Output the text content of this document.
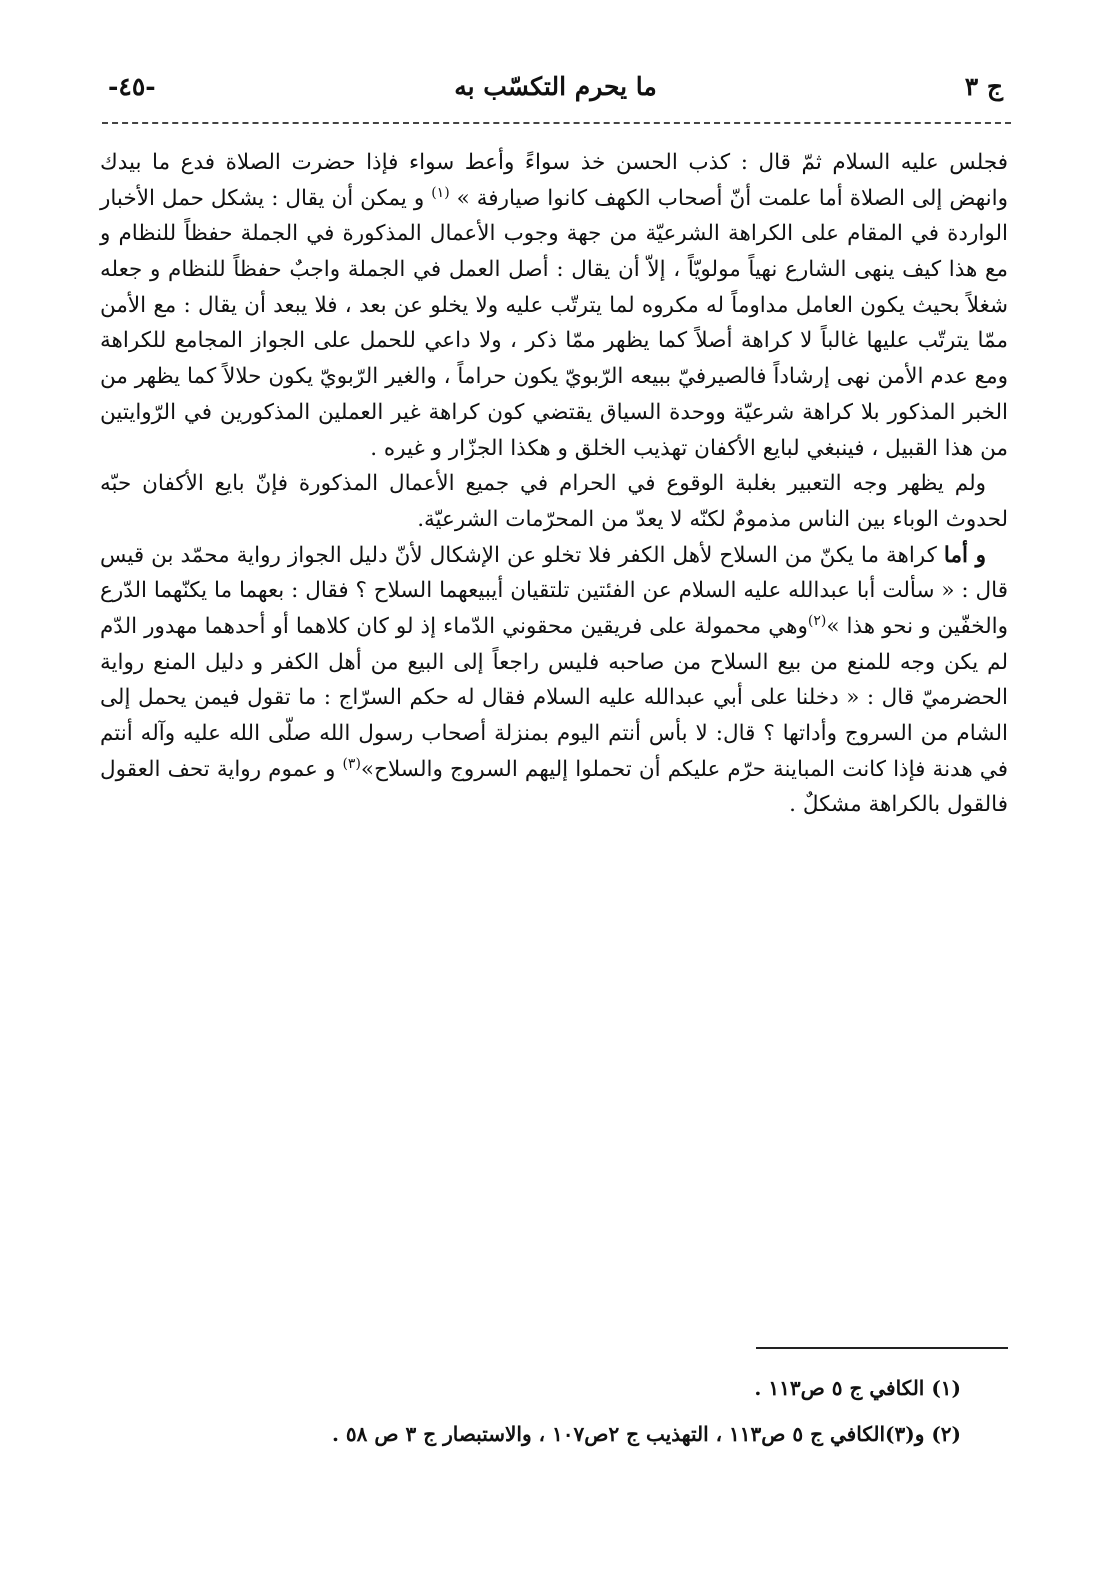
ج ٣
ما يحرم التكسّب به
-٤٥-

فجلس عليه السلام ثمّ قال : كذب الحسن خذ سواءً وأعط سواء فإذا حضرت الصلاة فدع ما بيدك وانهض إلى الصلاة أما علمت أنّ أصحاب الكهف كانوا صيارفة » $^{(١)}$ و يمكن أن يقال : يشكل حمل الأخبار الواردة في المقام على الكراهة الشرعيّة من جهة وجوب الأعمال المذكورة في الجملة حفظاً للنظام و مع هذا كيف ينهى الشارع نهياً مولويّاً ، إلاّ أن يقال : أصل العمل في الجملة واجبٌ حفظاً للنظام و جعله شغلاً بحيث يكون العامل مداوماً له مكروه لما يترتّب عليه ولا يخلو عن بعد ، فلا يبعد أن يقال : مع الأمن ممّا يترتّب عليها غالباً لا كراهة أصلاً كما يظهر ممّا ذكر ، ولا داعي للحمل على الجواز المجامع للكراهة ومع عدم الأمن نهى إرشاداً فالصيرفيّ ببيعه الرّبويّ يكون حراماً ، والغير الرّبويّ يكون حلالاً كما يظهر من الخبر المذكور بلا كراهة شرعيّة ووحدة السياق يقتضي كون كراهة غير العملين المذكورين في الرّوايتين من هذا القبيل ، فينبغي لبايع الأكفان تهذيب الخلق و هكذا الجزّار و غيره .

ولم يظهر وجه التعبير بغلبة الوقوع في الحرام في جميع الأعمال المذكورة فإنّ بايع الأكفان حبّه لحدوث الوباء بين الناس مذمومٌ لكنّه لا يعدّ من المحرّمات الشرعيّة.

و أما كراهة ما يكنّ من السلاح لأهل الكفر فلا تخلو عن الإشكال لأنّ دليل الجواز رواية محمّد بن قيس قال : « سألت أبا عبدالله عليه السلام عن الفئتين تلتقيان أيبيعهما السلاح ؟ فقال : بعهما ما يكنّهما الدّرع والخفّين و نحو هذا »$^{(٢)}$وهي محمولة على فريقين محقوني الدّماء إذ لو كان كلاهما أو أحدهما مهدور الدّم لم يكن وجه للمنع من بيع السلاح من صاحبه فليس راجعاً إلى البيع من أهل الكفر و دليل المنع رواية الحضرميّ قال : « دخلنا على أبي عبدالله عليه السلام فقال له حكم السرّاج : ما تقول فيمن يحمل إلى الشام من السروج وأداتها ؟ قال: لا بأس أنتم اليوم بمنزلة أصحاب رسول الله صلّى الله عليه وآله أنتم في هدنة فإذا كانت المباينة حرّم عليكم أن تحملوا إليهم السروج والسلاح»$^{(٣)}$ و عموم رواية تحف العقول فالقول بالكراهة مشكلٌ .

(١) الكافي ج ٥ ص١١٣ .

(٢) و(٣)الكافي ج ٥ ص١١٣ ، التهذيب ج ٢ص١٠٧ ، والاستبصار ج ٣ ص ٥٨ .
